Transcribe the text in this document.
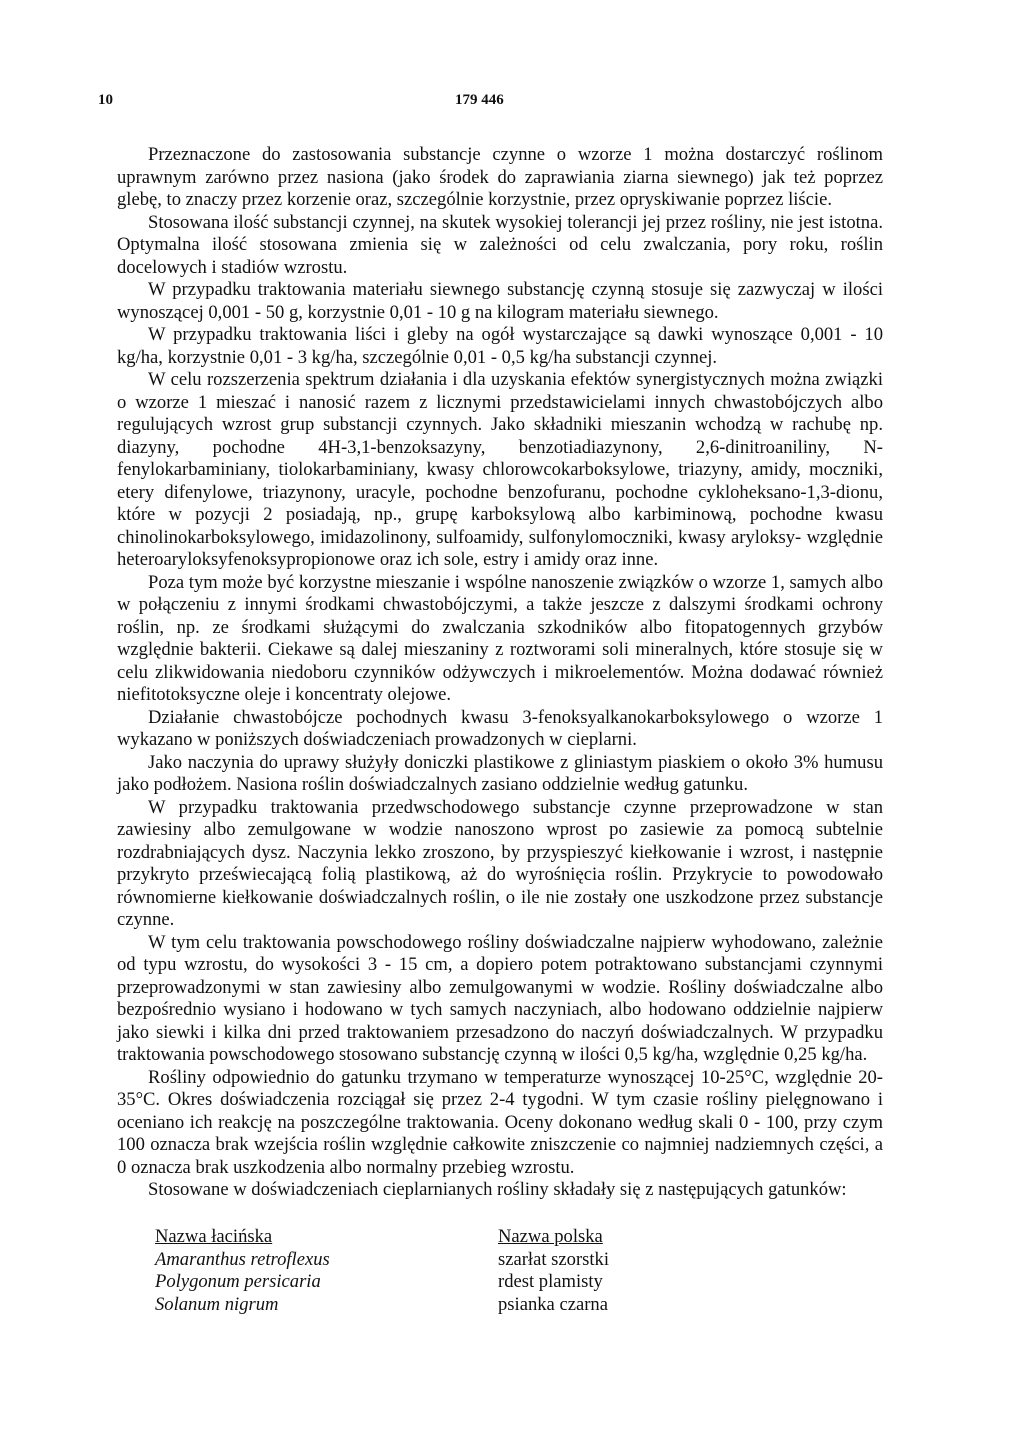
10	179 446

Przeznaczone do zastosowania substancje czynne o wzorze 1 można dostarczyć roślinom uprawnym zarówno przez nasiona (jako środek do zaprawiania ziarna siewnego) jak też poprzez glebę, to znaczy przez korzenie oraz, szczególnie korzystnie, przez opryskiwanie poprzez liście.

Stosowana ilość substancji czynnej, na skutek wysokiej tolerancji jej przez rośliny, nie jest istotna. Optymalna ilość stosowana zmienia się w zależności od celu zwalczania, pory roku, roślin docelowych i stadiów wzrostu.

W przypadku traktowania materiału siewnego substancję czynną stosuje się zazwyczaj w ilości wynoszącej 0,001 - 50 g, korzystnie 0,01 - 10 g na kilogram materiału siewnego.

W przypadku traktowania liści i gleby na ogół wystarczające są dawki wynoszące 0,001 - 10 kg/ha, korzystnie 0,01 - 3 kg/ha, szczególnie 0,01 - 0,5 kg/ha substancji czynnej.

W celu rozszerzenia spektrum działania i dla uzyskania efektów synergistycznych można związki o wzorze 1 mieszać i nanosić razem z licznymi przedstawicielami innych chwastobójczych albo regulujących wzrost grup substancji czynnych. Jako składniki mieszanin wchodzą w rachubę np. diazyny, pochodne 4H-3,1-benzoksazyny, benzotiadiazynony, 2,6-dinitroaniliny, N-fenylokarbaminiany, tiolokarbaminiany, kwasy chlorowcokarboksylowe, triazyny, amidy, moczniki, etery difenylowe, triazynony, uracyle, pochodne benzofuranu, pochodne cykloheksano-1,3-dionu, które w pozycji 2 posiadają, np., grupę karboksylową albo karbiminową, pochodne kwasu chinolinokarboksylowego, imidazolinony, sulfoamidy, sulfonylomoczniki, kwasy aryloksy- względnie heteroaryloksyfenoksypropionowe oraz ich sole, estry i amidy oraz inne.

Poza tym może być korzystne mieszanie i wspólne nanoszenie związków o wzorze 1, samych albo w połączeniu z innymi środkami chwastobójczymi, a także jeszcze z dalszymi środkami ochrony roślin, np. ze środkami służącymi do zwalczania szkodników albo fitopatogennych grzybów względnie bakterii. Ciekawe są dalej mieszaniny z roztworami soli mineralnych, które stosuje się w celu zlikwidowania niedoboru czynników odżywczych i mikroelementów. Można dodawać również niefitotoksyczne oleje i koncentraty olejowe.

Działanie chwastobójcze pochodnych kwasu 3-fenoksyalkanokarboksylowego o wzorze 1 wykazano w poniższych doświadczeniach prowadzonych w cieplarni.

Jako naczynia do uprawy służyły doniczki plastikowe z gliniastym piaskiem o około 3% humusu jako podłożem. Nasiona roślin doświadczalnych zasiano oddzielnie według gatunku.

W przypadku traktowania przedwschodowego substancje czynne przeprowadzone w stan zawiesiny albo zemulgowane w wodzie nanoszono wprost po zasiewie za pomocą subtelnie rozdrabniających dysz. Naczynia lekko zroszono, by przyspieszyć kiełkowanie i wzrost, i następnie przykryto przeświecającą folią plastikową, aż do wyrośnięcia roślin. Przykrycie to powodowało równomierne kiełkowanie doświadczalnych roślin, o ile nie zostały one uszkodzone przez substancje czynne.

W tym celu traktowania powschodowego rośliny doświadczalne najpierw wyhodowano, zależnie od typu wzrostu, do wysokości 3 - 15 cm, a dopiero potem potraktowano substancjami czynnymi przeprowadzonymi w stan zawiesiny albo zemulgowanymi w wodzie. Rośliny doświadczalne albo bezpośrednio wysiano i hodowano w tych samych naczyniach, albo hodowano oddzielnie najpierw jako siewki i kilka dni przed traktowaniem przesadzono do naczyń doświadczalnych. W przypadku traktowania powschodowego stosowano substancję czynną w ilości 0,5 kg/ha, względnie 0,25 kg/ha.

Rośliny odpowiednio do gatunku trzymano w temperaturze wynoszącej 10-25°C, względnie 20-35°C. Okres doświadczenia rozciągał się przez 2-4 tygodni. W tym czasie rośliny pielęgnowano i oceniano ich reakcję na poszczególne traktowania. Oceny dokonano według skali 0 - 100, przy czym 100 oznacza brak wzejścia roślin względnie całkowite zniszczenie co najmniej nadziemnych części, a 0 oznacza brak uszkodzenia albo normalny przebieg wzrostu.

Stosowane w doświadczeniach cieplarnianych rośliny składały się z następujących gatunków:

Nazwa łacińska	Nazwa polska
Amaranthus retroflexus	szarłat szorstki
Polygonum persicaria	rdest plamisty
Solanum nigrum	psianka czarna
